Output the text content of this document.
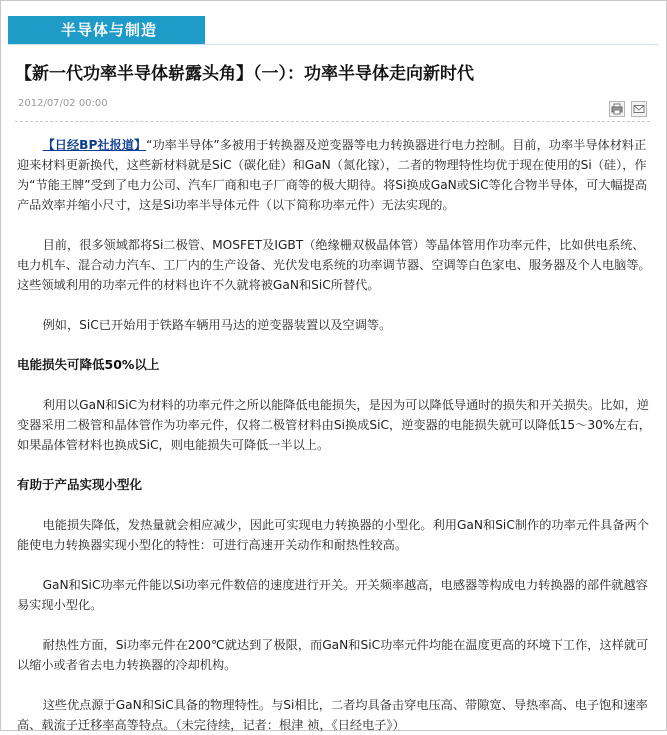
半导体与制造
【新一代功率半导体崭露头角】（一）：功率半导体走向新时代
2012/07/02 00:00

【日经BP社报道】“功率半导体”多被用于转换器及逆变器等电力转换器进行电力控制。目前，功率半导体材料正迎来材料更新换代，这些新材料就是SiC（碳化硅）和GaN（氮化镓），二者的物理特性均优于现在使用的Si（硅），作为“节能王牌”受到了电力公司、汽车厂商和电子厂商等的极大期待。将Si换成GaN或SiC等化合物半导体，可大幅提高产品效率并缩小尺寸，这是Si功率半导体元件（以下简称功率元件）无法实现的。

目前，很多领域都将Si二极管、MOSFET及IGBT（绝缘栅双极晶体管）等晶体管用作功率元件，比如供电系统、电力机车、混合动力汽车、工厂内的生产设备、光伏发电系统的功率调节器、空调等白色家电、服务器及个人电脑等。这些领域利用的功率元件的材料也许不久就将被GaN和SiC所替代。

例如，SiC已开始用于铁路车辆用马达的逆变器装置以及空调等。

电能损失可降低50%以上

利用以GaN和SiC为材料的功率元件之所以能降低电能损失，是因为可以降低导通时的损失和开关损失。比如，逆变器采用二极管和晶体管作为功率元件，仅将二极管材料由Si换成SiC，逆变器的电能损失就可以降低15～30%左右，如果晶体管材料也换成SiC，则电能损失可降低一半以上。

有助于产品实现小型化

电能损失降低，发热量就会相应减少，因此可实现电力转换器的小型化。利用GaN和SiC制作的功率元件具备两个能使电力转换器实现小型化的特性：可进行高速开关动作和耐热性较高。

GaN和SiC功率元件能以Si功率元件数倍的速度进行开关。开关频率越高，电感器等构成电力转换器的部件就越容易实现小型化。

耐热性方面，Si功率元件在200℃就达到了极限，而GaN和SiC功率元件均能在温度更高的环境下工作，这样就可以缩小或者省去电力转换器的冷却机构。

这些优点源于GaN和SiC具备的物理特性。与Si相比，二者均具备击穿电压高、带隙宽、导热率高、电子饱和速率高、载流子迁移率高等特点。（未完待续，记者：根津 祯，《日经电子》）
